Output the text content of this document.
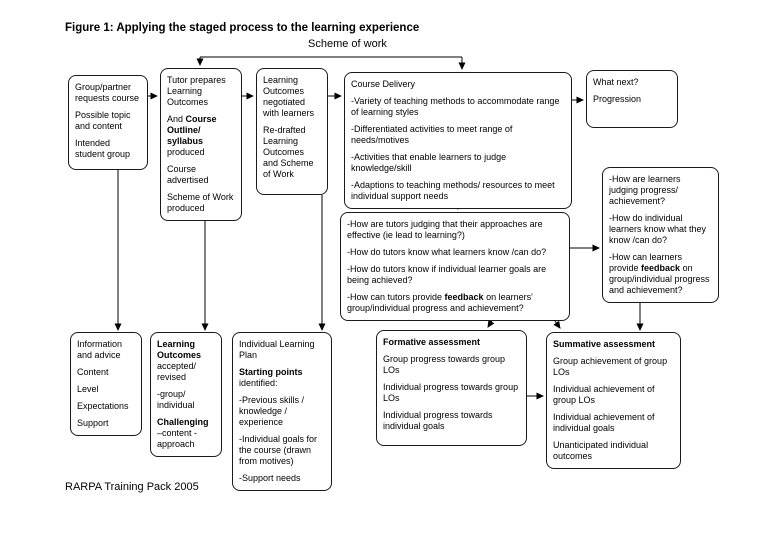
Figure 1: Applying the staged process to the learning experience
Scheme of work
Group/partner requests course
Possible topic and content
Intended student group
Tutor prepares Learning Outcomes
And Course Outline/ syllabus produced
Course advertised
Scheme of Work produced
Learning Outcomes negotiated with learners
Re-drafted Learning Outcomes and Scheme of Work
Course Delivery
-Variety of teaching methods to accommodate range of learning styles
-Differentiated activities to meet range of needs/motives
-Activities that enable learners to judge knowledge/skill
-Adaptions to teaching methods/ resources to meet individual support needs
What next?
Progression
-How are learners judging progress/ achievement?
-How do individual learners know what they know /can do?
-How can learners provide feedback on group/individual progress and achievement?
-How are tutors judging that their approaches are effective (ie lead to learning?)
-How do tutors know what learners know /can do?
-How do tutors know if individual learner goals are being achieved?
-How can tutors provide feedback on learners' group/individual progress and achievement?
Information and advice
Content
Level
Expectations
Support
Learning Outcomes accepted/ revised
-group/ individual
Challenging –content - approach
Individual Learning Plan
Starting points identified:
-Previous skills / knowledge / experience
-Individual goals for the course (drawn from motives)
-Support needs
Formative assessment
Group progress towards group LOs
Individual progress towards group LOs
Individual progress towards individual goals
Summative assessment
Group achievement of group LOs
Individual achievement of group LOs
Individual achievement of individual goals
Unanticipated individual outcomes
RARPA Training Pack 2005
